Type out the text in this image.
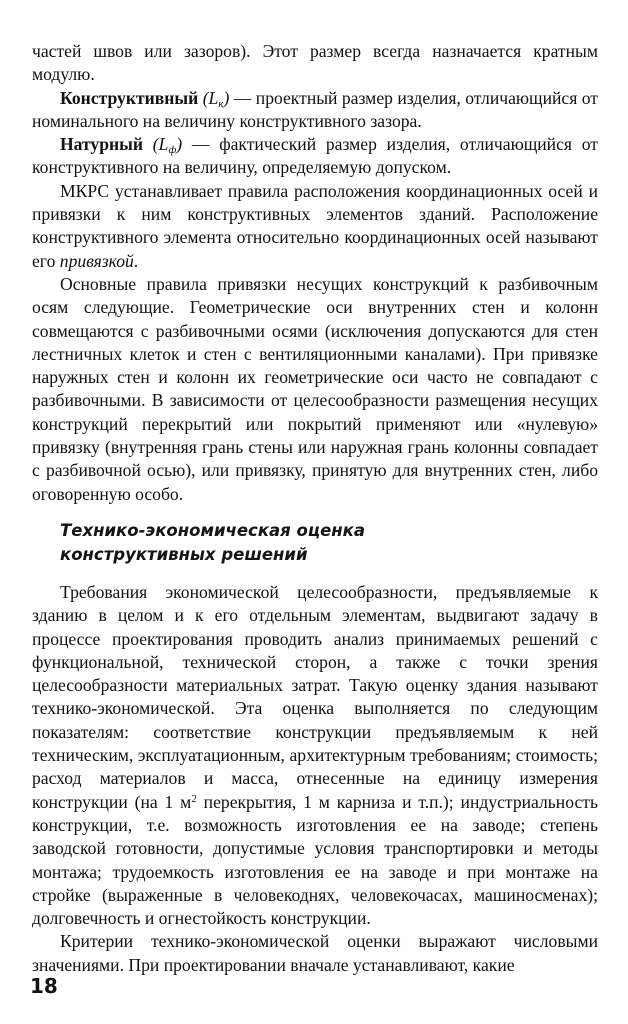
частей швов или зазоров). Этот размер всегда назначается кратным модулю.

Конструктивный $(L_к)$ — проектный размер изделия, отличающийся от номинального на величину конструктивного зазора.

Натурный $(L_ф)$ — фактический размер изделия, отличающийся от конструктивного на величину, определяемую допуском.

МКРС устанавливает правила расположения координационных осей и привязки к ним конструктивных элементов зданий. Расположение конструктивного элемента относительно координационных осей называют его привязкой.

Основные правила привязки несущих конструкций к разбивочным осям следующие. Геометрические оси внутренних стен и колонн совмещаются с разбивочными осями (исключения допускаются для стен лестничных клеток и стен с вентиляционными каналами). При привязке наружных стен и колонн их геометрические оси часто не совпадают с разбивочными. В зависимости от целесообразности размещения несущих конструкций перекрытий или покрытий применяют или «нулевую» привязку (внутренняя грань стены или наружная грань колонны совпадает с разбивочной осью), или привязку, принятую для внутренних стен, либо оговоренную особо.

Технико-экономическая оценка
конструктивных решений

Требования экономической целесообразности, предъявляемые к зданию в целом и к его отдельным элементам, выдвигают задачу в процессе проектирования проводить анализ принимаемых решений с функциональной, технической сторон, а также с точки зрения целесообразности материальных затрат. Такую оценку здания называют технико-экономической. Эта оценка выполняется по следующим показателям: соответствие конструкции предъявляемым к ней техническим, эксплуатационным, архитектурным требованиям; стоимость; расход материалов и масса, отнесенные на единицу измерения конструкции (на 1 $м^2$ перекрытия, 1 м карниза и т.п.); индустриальность конструкции, т.е. возможность изготовления ее на заводе; степень заводской готовности, допустимые условия транспортировки и методы монтажа; трудоемкость изготовления ее на заводе и при монтаже на стройке (выраженные в человекоднях, человекочасах, машиносменах); долговечность и огнестойкость конструкции.

Критерии технико-экономической оценки выражают числовыми значениями. При проектировании вначале устанавливают, какие

18
